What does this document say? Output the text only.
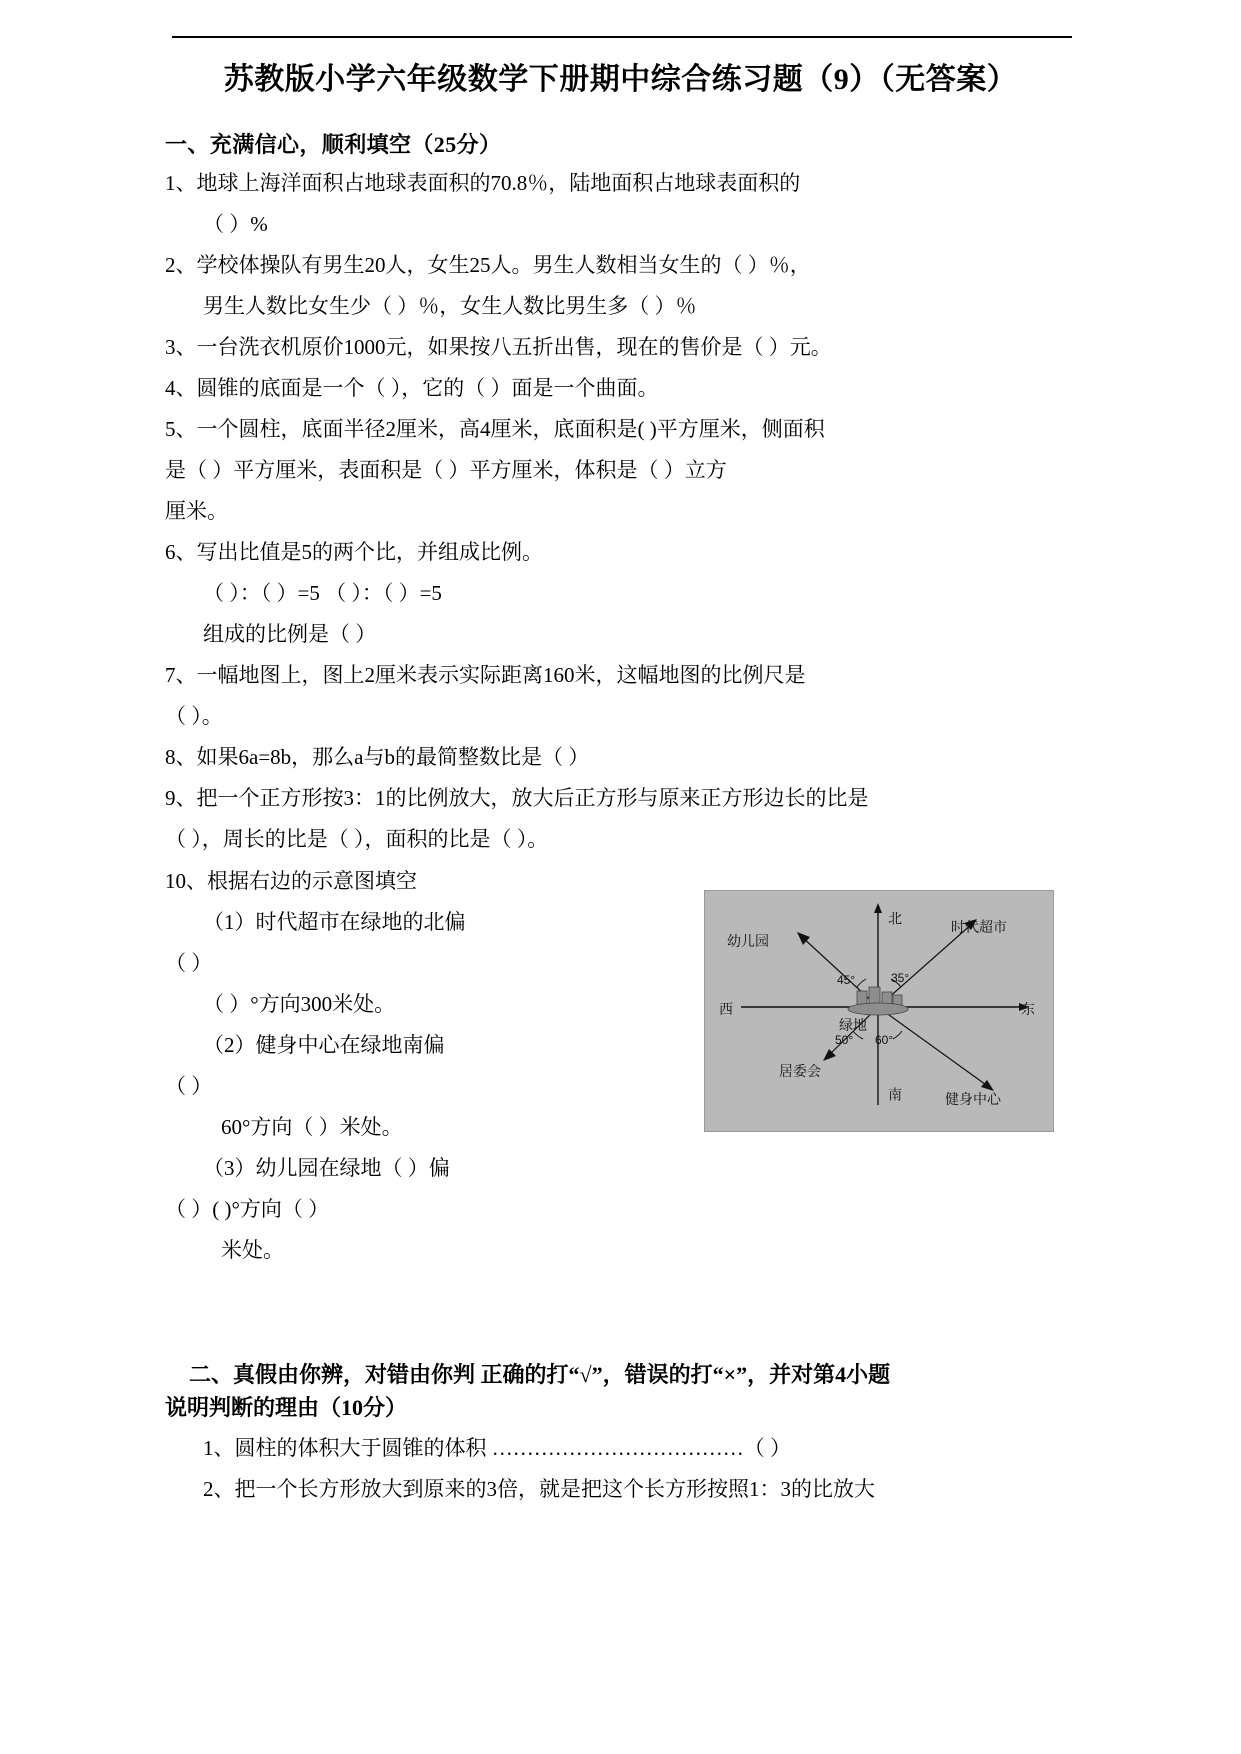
苏教版小学六年级数学下册期中综合练习题（9）（无答案）
一、充满信心，顺利填空（25分）
1、地球上海洋面积占地球表面积的70.8％，陆地面积占地球表面积的
（ ）%
2、学校体操队有男生20人，女生25人。男生人数相当女生的（ ）％，
男生人数比女生少（ ）％，女生人数比男生多（ ）％
3、一台洗衣机原价1000元，如果按八五折出售，现在的售价是（ ）元。
4、圆锥的底面是一个（ ），它的（ ）面是一个曲面。
5、一个圆柱，底面半径2厘米，高4厘米，底面积是( )平方厘米，侧面积
是（ ）平方厘米，表面积是（ ）平方厘米，体积是（ ）立方
厘米。
6、写出比值是5的两个比，并组成比例。
（ ）：（ ）=5 （ ）：（ ）=5
组成的比例是（ ）
7、一幅地图上，图上2厘米表示实际距离160米，这幅地图的比例尺是
（ ）。
8、如果6a=8b，那么a与b的最简整数比是（ ）
9、把一个正方形按3：1的比例放大，放大后正方形与原来正方形边长的比是
（ ），周长的比是（ ），面积的比是（ ）。
幼儿园
时代超市
北
南
西	东
绿地
居委会
健身中心
45°	35°
50° 60°
10、根据右边的示意图填空
（1）时代超市在绿地的北偏
（ ）
（ ）°方向300米处。
（2）健身中心在绿地南偏
（ ）
60°方向（ ）米处。
（3）幼儿园在绿地（ ）偏
（ ）( )°方向（ ）
米处。
二、真假由你辨，对错由你判 正确的打“√”，错误的打“×”，并对第4小题
说明判断的理由（10分）
1、圆柱的体积大于圆锥的体积 ………………………………（ ）
2、把一个长方形放大到原来的3倍，就是把这个长方形按照1：3的比放大
